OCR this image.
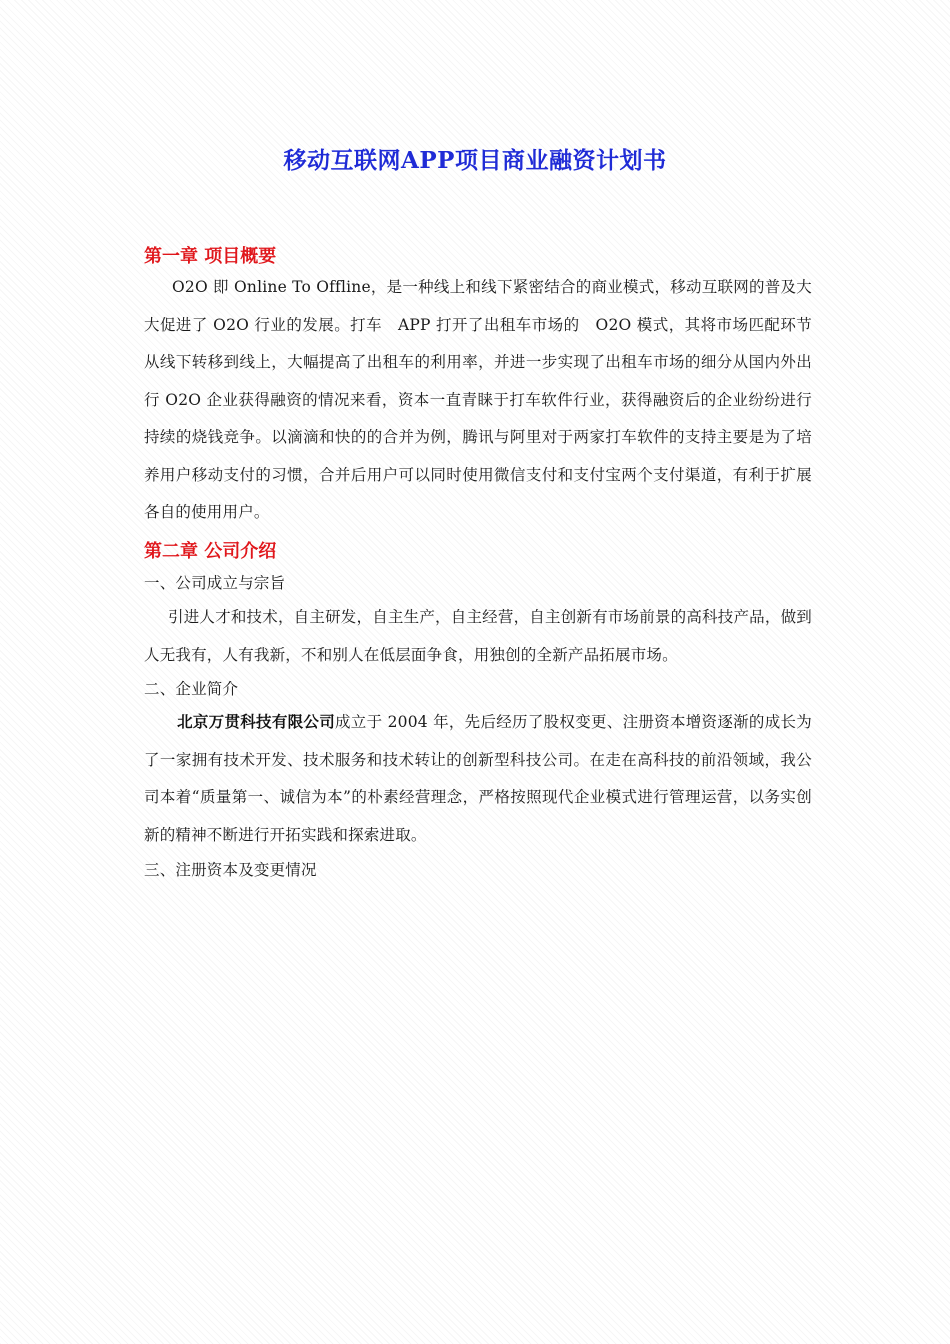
移动互联网APP项目商业融资计划书
第一章 项目概要

O2O 即 Online To Offline，是一种线上和线下紧密结合的商业模式，移动互联网的普及大大促进了 O2O 行业的发展。打车　APP 打开了出租车市场的　O2O 模式，其将市场匹配环节从线下转移到线上，大幅提高了出租车的利用率，并进一步实现了出租车市场的细分从国内外出行 O2O 企业获得融资的情况来看，资本一直青睐于打车软件行业，获得融资后的企业纷纷进行持续的烧钱竞争。以滴滴和快的的合并为例，腾讯与阿里对于两家打车软件的支持主要是为了培养用户移动支付的习惯，合并后用户可以同时使用微信支付和支付宝两个支付渠道，有利于扩展各自的使用用户。

第二章 公司介绍

一、公司成立与宗旨

引进人才和技术，自主研发，自主生产，自主经营，自主创新有市场前景的高科技产品，做到人无我有，人有我新，不和别人在低层面争食，用独创的全新产品拓展市场。

二、企业简介

北京万贯科技有限公司成立于 2004 年，先后经历了股权变更、注册资本增资逐渐的成长为了一家拥有技术开发、技术服务和技术转让的创新型科技公司。在走在高科技的前沿领域，我公司本着“质量第一、诚信为本”的朴素经营理念，严格按照现代企业模式进行管理运营，以务实创新的精神不断进行开拓实践和探索进取。

三、注册资本及变更情况
